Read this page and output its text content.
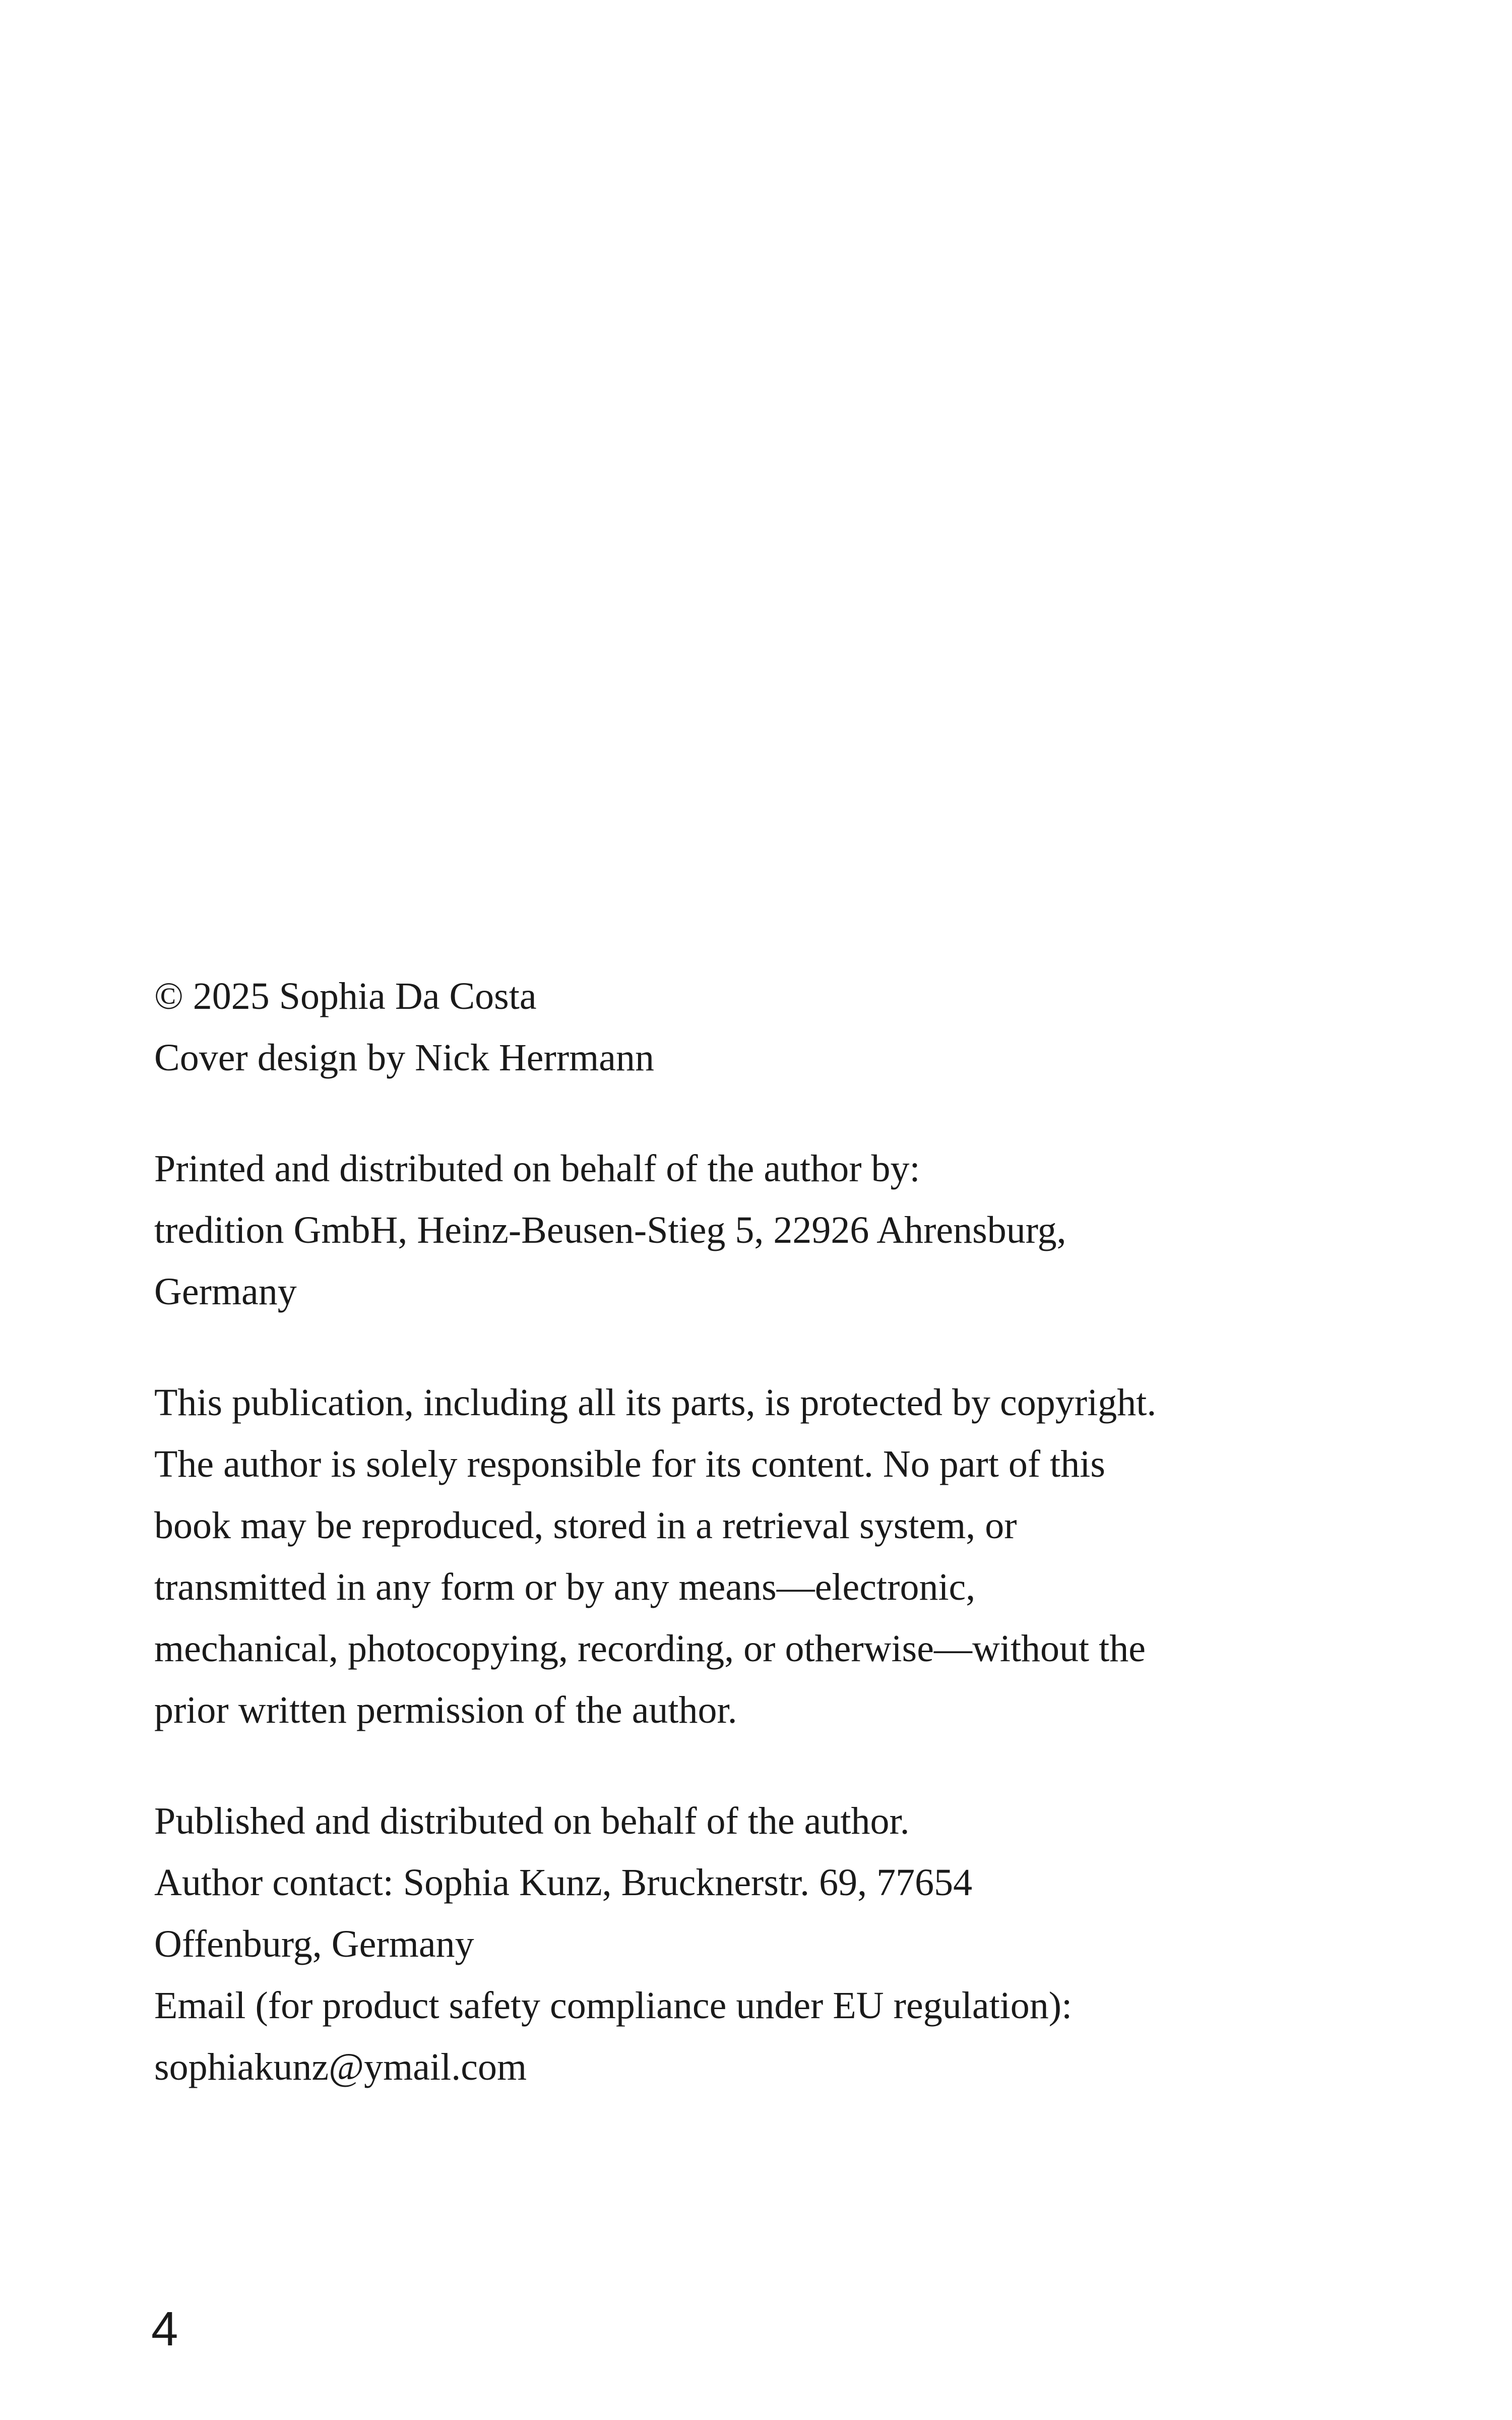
© 2025 Sophia Da Costa
Cover design by Nick Herrmann
Printed and distributed on behalf of the author by:
tredition GmbH, Heinz-Beusen-Stieg 5, 22926 Ahrensburg,
Germany
This publication, including all its parts, is protected by copyright.
The author is solely responsible for its content. No part of this
book may be reproduced, stored in a retrieval system, or
transmitted in any form or by any means—electronic,
mechanical, photocopying, recording, or otherwise—without the
prior written permission of the author.
Published and distributed on behalf of the author.
Author contact: Sophia Kunz, Brucknerstr. 69, 77654
Offenburg, Germany
Email (for product safety compliance under EU regulation):
sophiakunz@ymail.com
4
